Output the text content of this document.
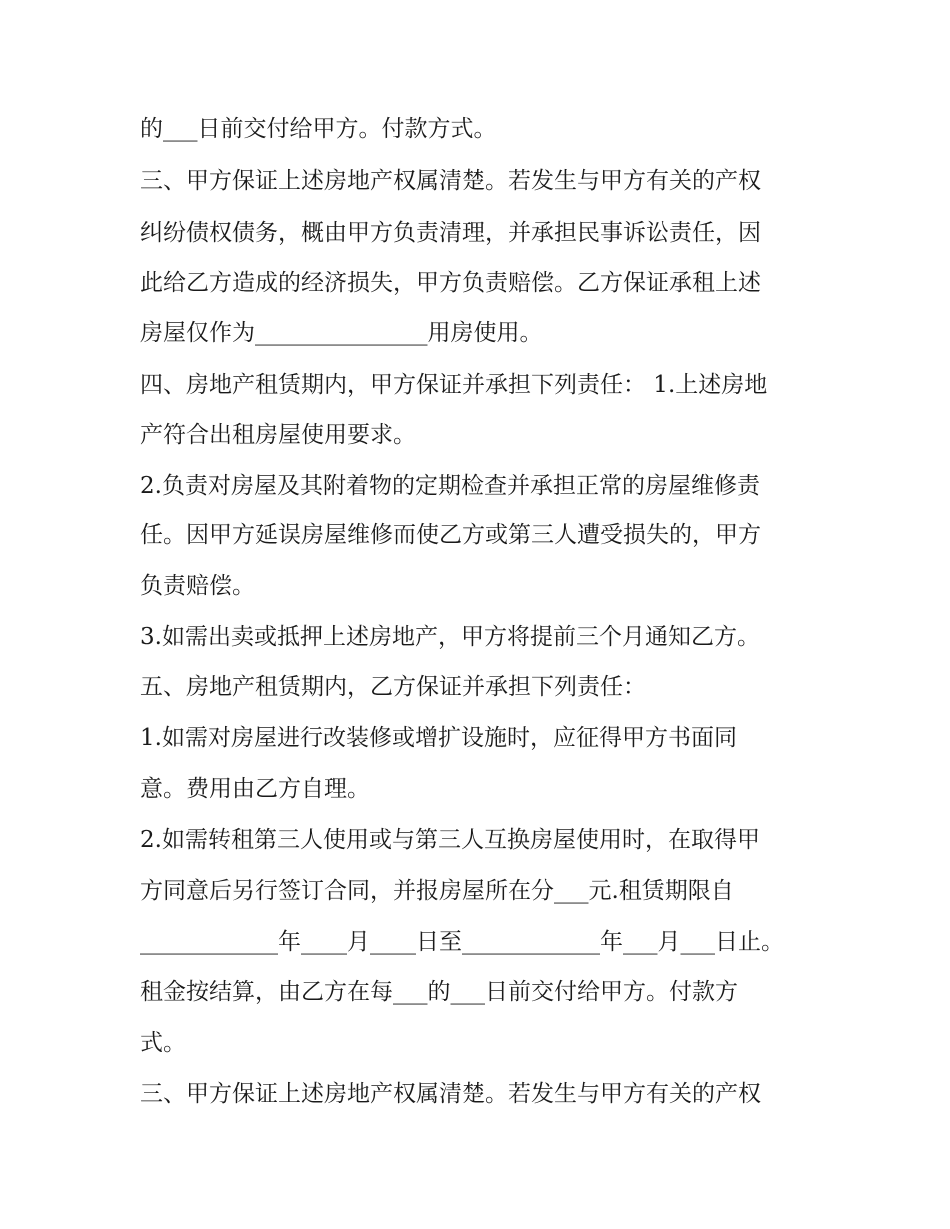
的___日前交付给甲方。付款方式。
三、甲方保证上述房地产权属清楚。若发生与甲方有关的产权
纠纷债权债务，概由甲方负责清理，并承担民事诉讼责任，因
此给乙方造成的经济损失，甲方负责赔偿。乙方保证承租上述
房屋仅作为_______________用房使用。
四、房地产租赁期内，甲方保证并承担下列责任： 1.上述房地
产符合出租房屋使用要求。
2.负责对房屋及其附着物的定期检查并承担正常的房屋维修责
任。因甲方延误房屋维修而使乙方或第三人遭受损失的，甲方
负责赔偿。
3.如需出卖或抵押上述房地产，甲方将提前三个月通知乙方。
五、房地产租赁期内，乙方保证并承担下列责任：
1.如需对房屋进行改装修或增扩设施时，应征得甲方书面同
意。费用由乙方自理。
2.如需转租第三人使用或与第三人互换房屋使用时，在取得甲
方同意后另行签订合同，并报房屋所在分___元.租赁期限自
____________年____月____日至____________年___月___日止。
租金按结算，由乙方在每___的___日前交付给甲方。付款方
式。
三、甲方保证上述房地产权属清楚。若发生与甲方有关的产权
